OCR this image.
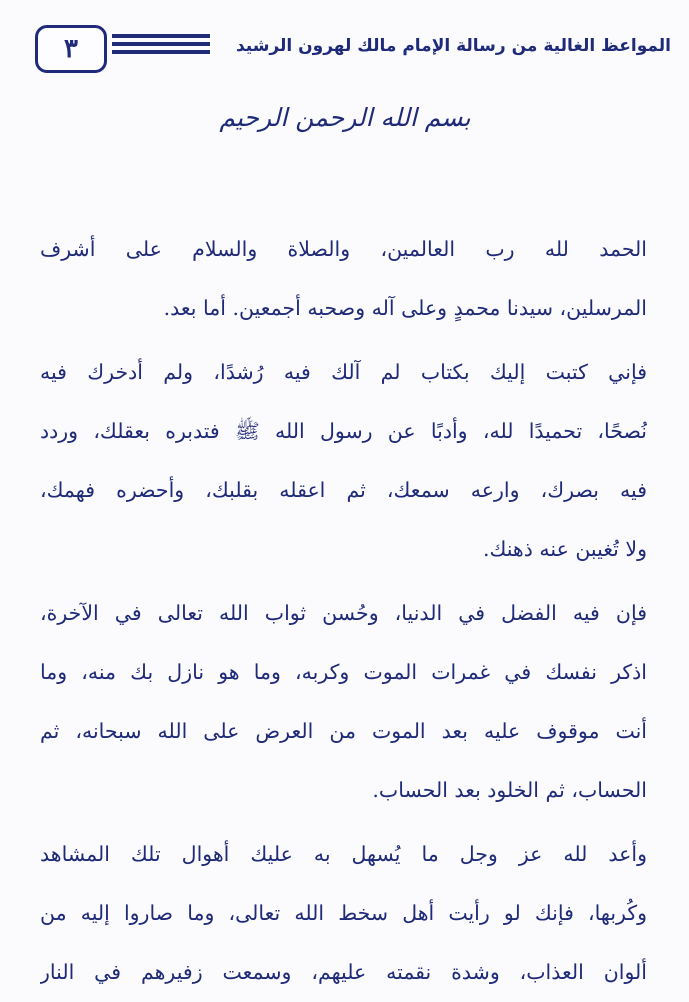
٣	المواعظ الغالية من رسالة الإمام مالك لهرون الرشيد
بسم الله الرحمن الرحيم
الحمد لله رب العالمين، والصلاة والسلام على أشرف
المرسلين، سيدنا محمدٍ وعلى آله وصحبه أجمعين. أما بعد.
فإني كتبت إليك بكتاب لم آلك فيه رُشدًا، ولم أدخرك فيه
نُصحًا، تحميدًا لله، وأدبًا عن رسول الله ﷺ فتدبره بعقلك، وردد
فيه بصرك، وارعه سمعك، ثم اعقله بقلبك، وأحضره فهمك،
ولا تُغيبن عنه ذهنك.
فإن فيه الفضل في الدنيا، وحُسن ثواب الله تعالى في الآخرة،
اذكر نفسك في غمرات الموت وكربه، وما هو نازل بك منه، وما
أنت موقوف عليه بعد الموت من العرض على الله سبحانه، ثم
الحساب، ثم الخلود بعد الحساب.
وأعد لله عز وجل ما يُسهل به عليك أهوال تلك المشاهد
وكُربها، فإنك لو رأيت أهل سخط الله تعالى، وما صاروا إليه من
ألوان العذاب، وشدة نقمته عليهم، وسمعت زفيرهم في النار
